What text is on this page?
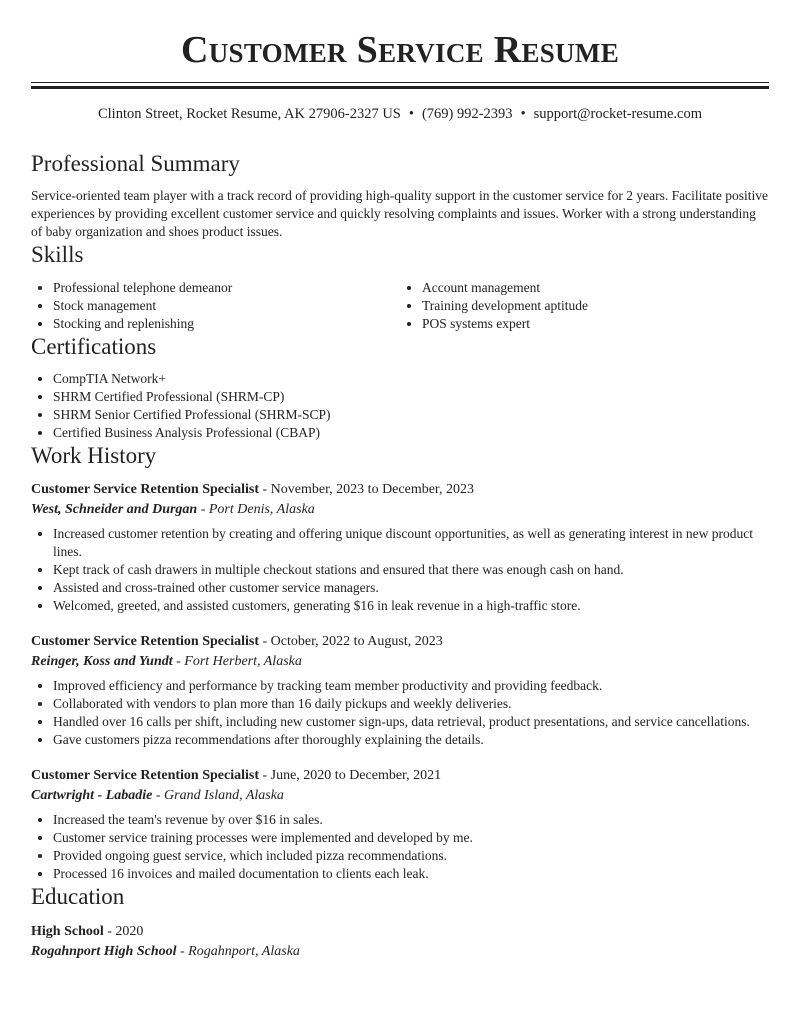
Customer Service Resume
Clinton Street, Rocket Resume, AK 27906-2327 US • (769) 992-2393 • support@rocket-resume.com
Professional Summary

Service-oriented team player with a track record of providing high-quality support in the customer service for 2 years. Facilitate positive experiences by providing excellent customer service and quickly resolving complaints and issues. Worker with a strong understanding of baby organization and shoes product issues.

Skills
• Professional telephone demeanor
• Stock management
• Stocking and replenishing
• Account management
• Training development aptitude
• POS systems expert
Certifications
• CompTIA Network+
• SHRM Certified Professional (SHRM-CP)
• SHRM Senior Certified Professional (SHRM-SCP)
• Certified Business Analysis Professional (CBAP)
Work History
Customer Service Retention Specialist - November, 2023 to December, 2023
West, Schneider and Durgan - Port Denis, Alaska
• Increased customer retention by creating and offering unique discount opportunities, as well as generating interest in new product lines.
• Kept track of cash drawers in multiple checkout stations and ensured that there was enough cash on hand.
• Assisted and cross-trained other customer service managers.
• Welcomed, greeted, and assisted customers, generating $16 in leak revenue in a high-traffic store.
Customer Service Retention Specialist - October, 2022 to August, 2023
Reinger, Koss and Yundt - Fort Herbert, Alaska
• Improved efficiency and performance by tracking team member productivity and providing feedback.
• Collaborated with vendors to plan more than 16 daily pickups and weekly deliveries.
• Handled over 16 calls per shift, including new customer sign-ups, data retrieval, product presentations, and service cancellations.
• Gave customers pizza recommendations after thoroughly explaining the details.
Customer Service Retention Specialist - June, 2020 to December, 2021
Cartwright - Labadie - Grand Island, Alaska
• Increased the team's revenue by over $16 in sales.
• Customer service training processes were implemented and developed by me.
• Provided ongoing guest service, which included pizza recommendations.
• Processed 16 invoices and mailed documentation to clients each leak.
Education
High School - 2020
Rogahnport High School - Rogahnport, Alaska
